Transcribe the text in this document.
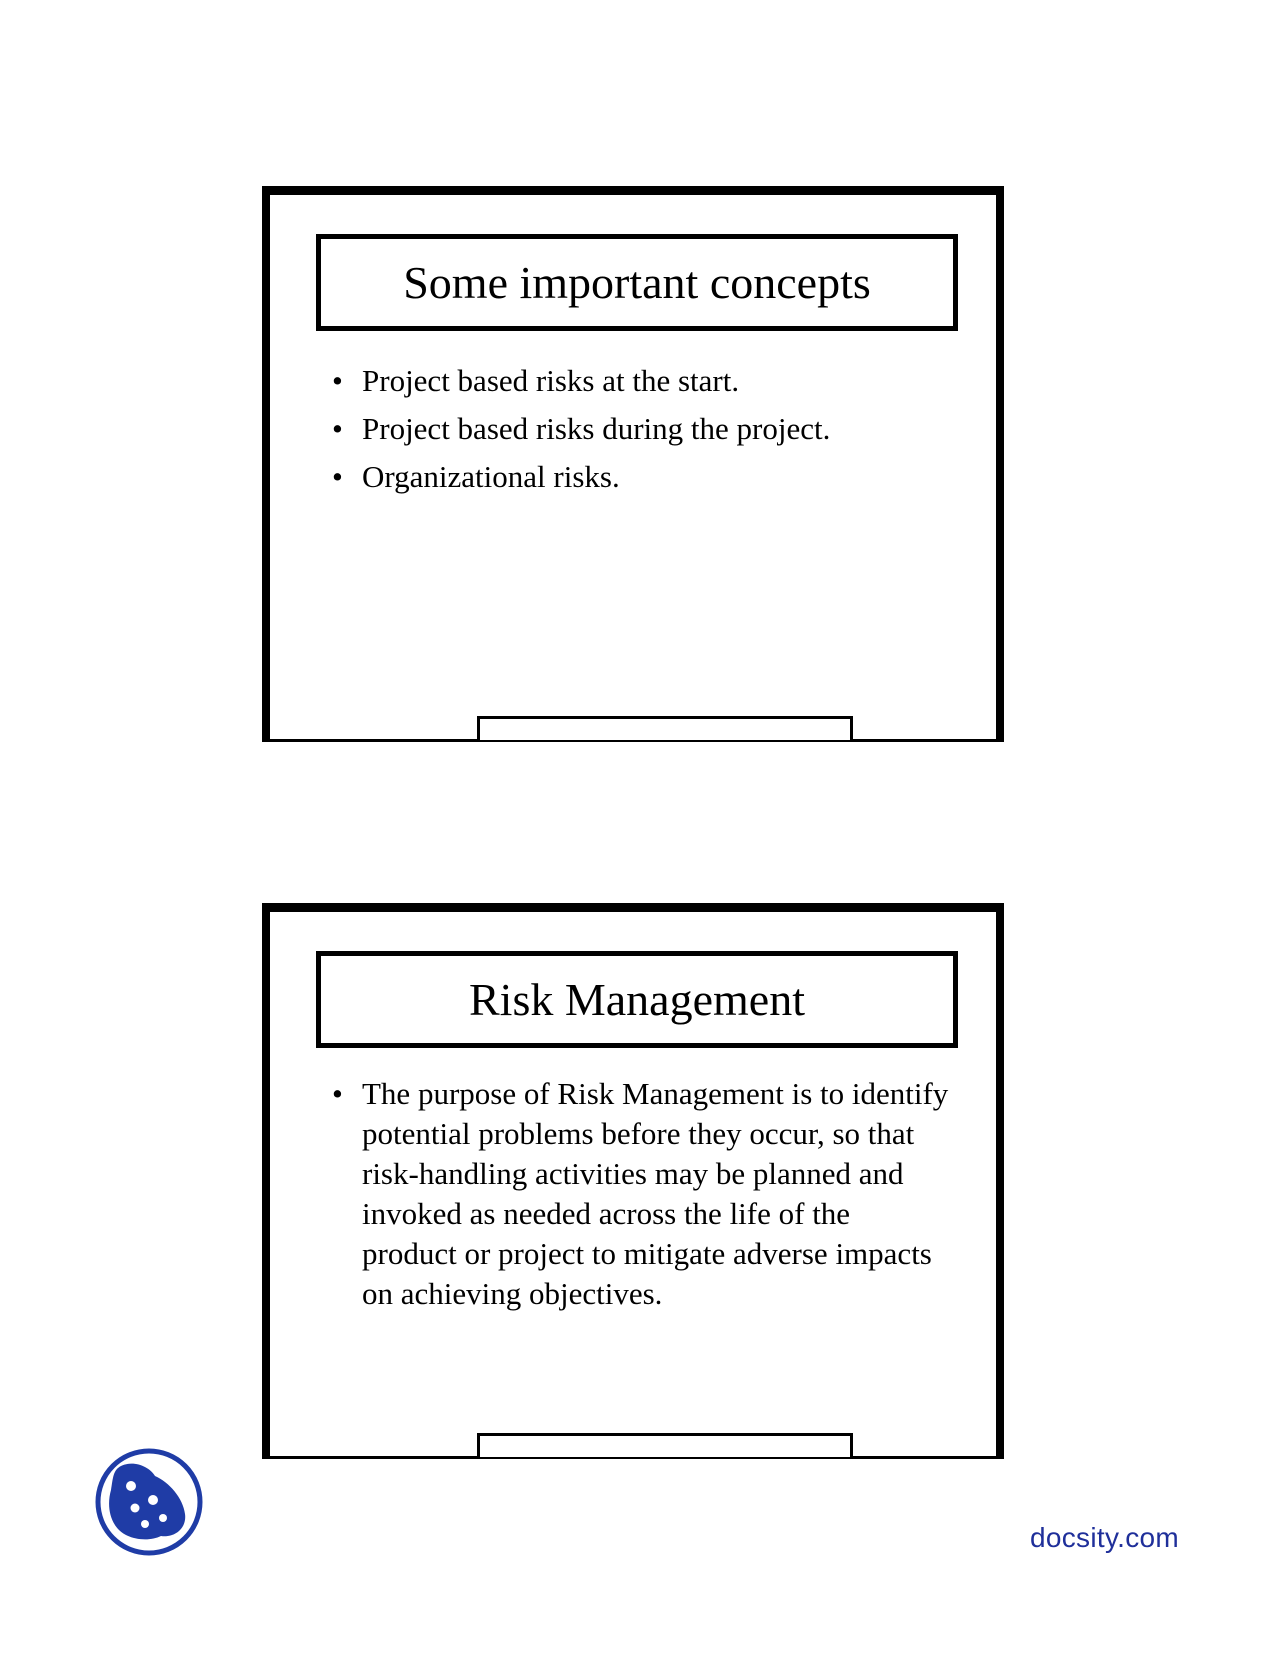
Some important concepts
• Project based risks at the start.
• Project based risks during the project.
• Organizational risks.
Risk Management
• The purpose of Risk Management is to identify potential problems before they occur, so that risk-handling activities may be planned and invoked as needed across the life of the product or project to mitigate adverse impacts on achieving objectives.
docsity.com
